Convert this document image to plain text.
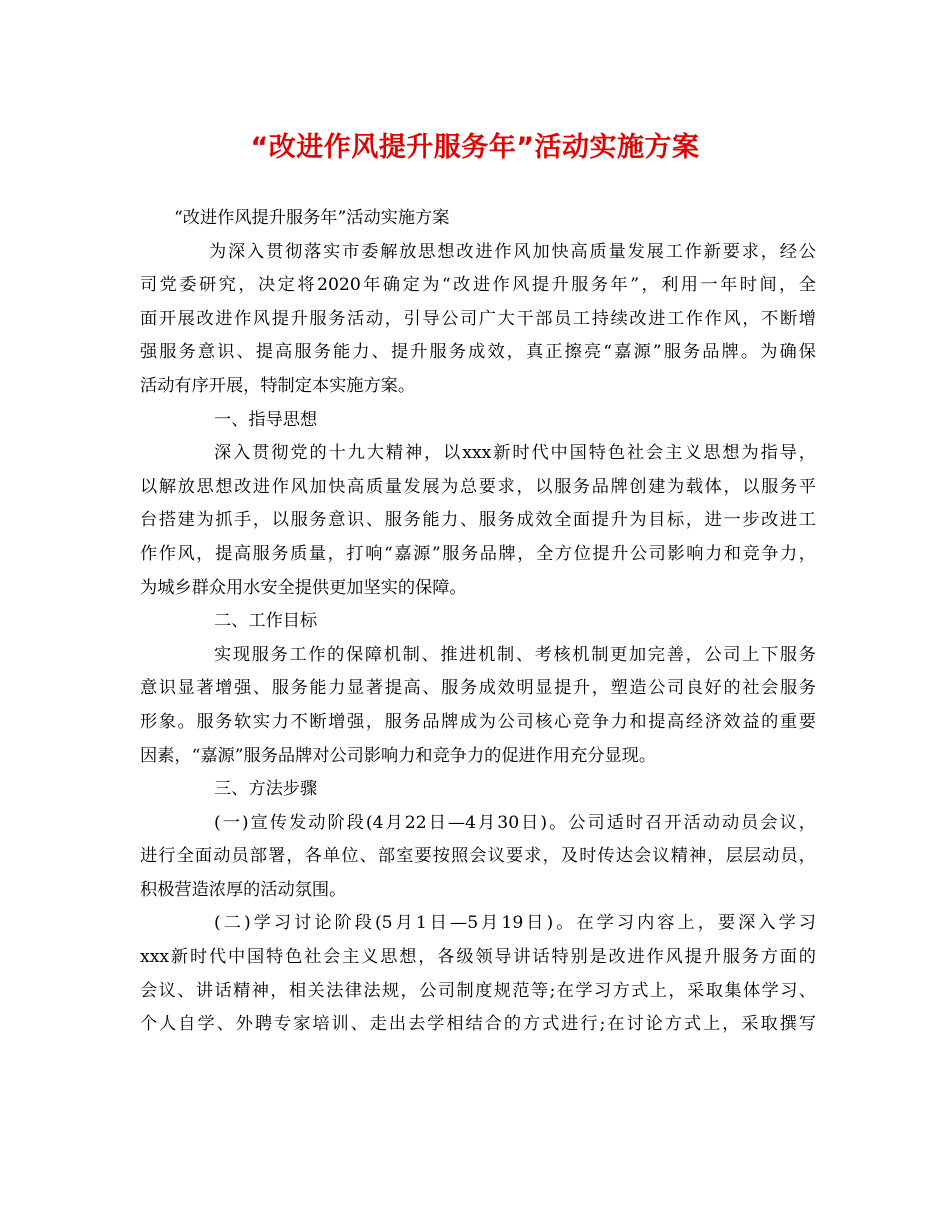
“改进作风提升服务年”活动实施方案
“改进作风提升服务年”活动实施方案
为深入贯彻落实市委解放思想改进作风加快高质量发展工作新要求，经公
司党委研究，决定将2020年确定为“改进作风提升服务年”，利用一年时间，全
面开展改进作风提升服务活动，引导公司广大干部员工持续改进工作作风，不断增
强服务意识、提高服务能力、提升服务成效，真正擦亮“嘉源”服务品牌。为确保
活动有序开展，特制定本实施方案。
一、指导思想
深入贯彻党的十九大精神，以xxx新时代中国特色社会主义思想为指导，
以解放思想改进作风加快高质量发展为总要求，以服务品牌创建为载体，以服务平
台搭建为抓手，以服务意识、服务能力、服务成效全面提升为目标，进一步改进工
作作风，提高服务质量，打响“嘉源”服务品牌，全方位提升公司影响力和竞争力，
为城乡群众用水安全提供更加坚实的保障。
二、工作目标
实现服务工作的保障机制、推进机制、考核机制更加完善，公司上下服务
意识显著增强、服务能力显著提高、服务成效明显提升，塑造公司良好的社会服务
形象。服务软实力不断增强，服务品牌成为公司核心竞争力和提高经济效益的重要
因素，“嘉源”服务品牌对公司影响力和竞争力的促进作用充分显现。
三、方法步骤
(一)宣传发动阶段(4月22日—4月30日)。公司适时召开活动动员会议，
进行全面动员部署，各单位、部室要按照会议要求，及时传达会议精神，层层动员，
积极营造浓厚的活动氛围。
(二)学习讨论阶段(5月1日—5月19日)。在学习内容上，要深入学习
xxx新时代中国特色社会主义思想，各级领导讲话特别是改进作风提升服务方面的
会议、讲话精神，相关法律法规，公司制度规范等;在学习方式上，采取集体学习、
个人自学、外聘专家培训、走出去学相结合的方式进行;在讨论方式上，采取撰写
